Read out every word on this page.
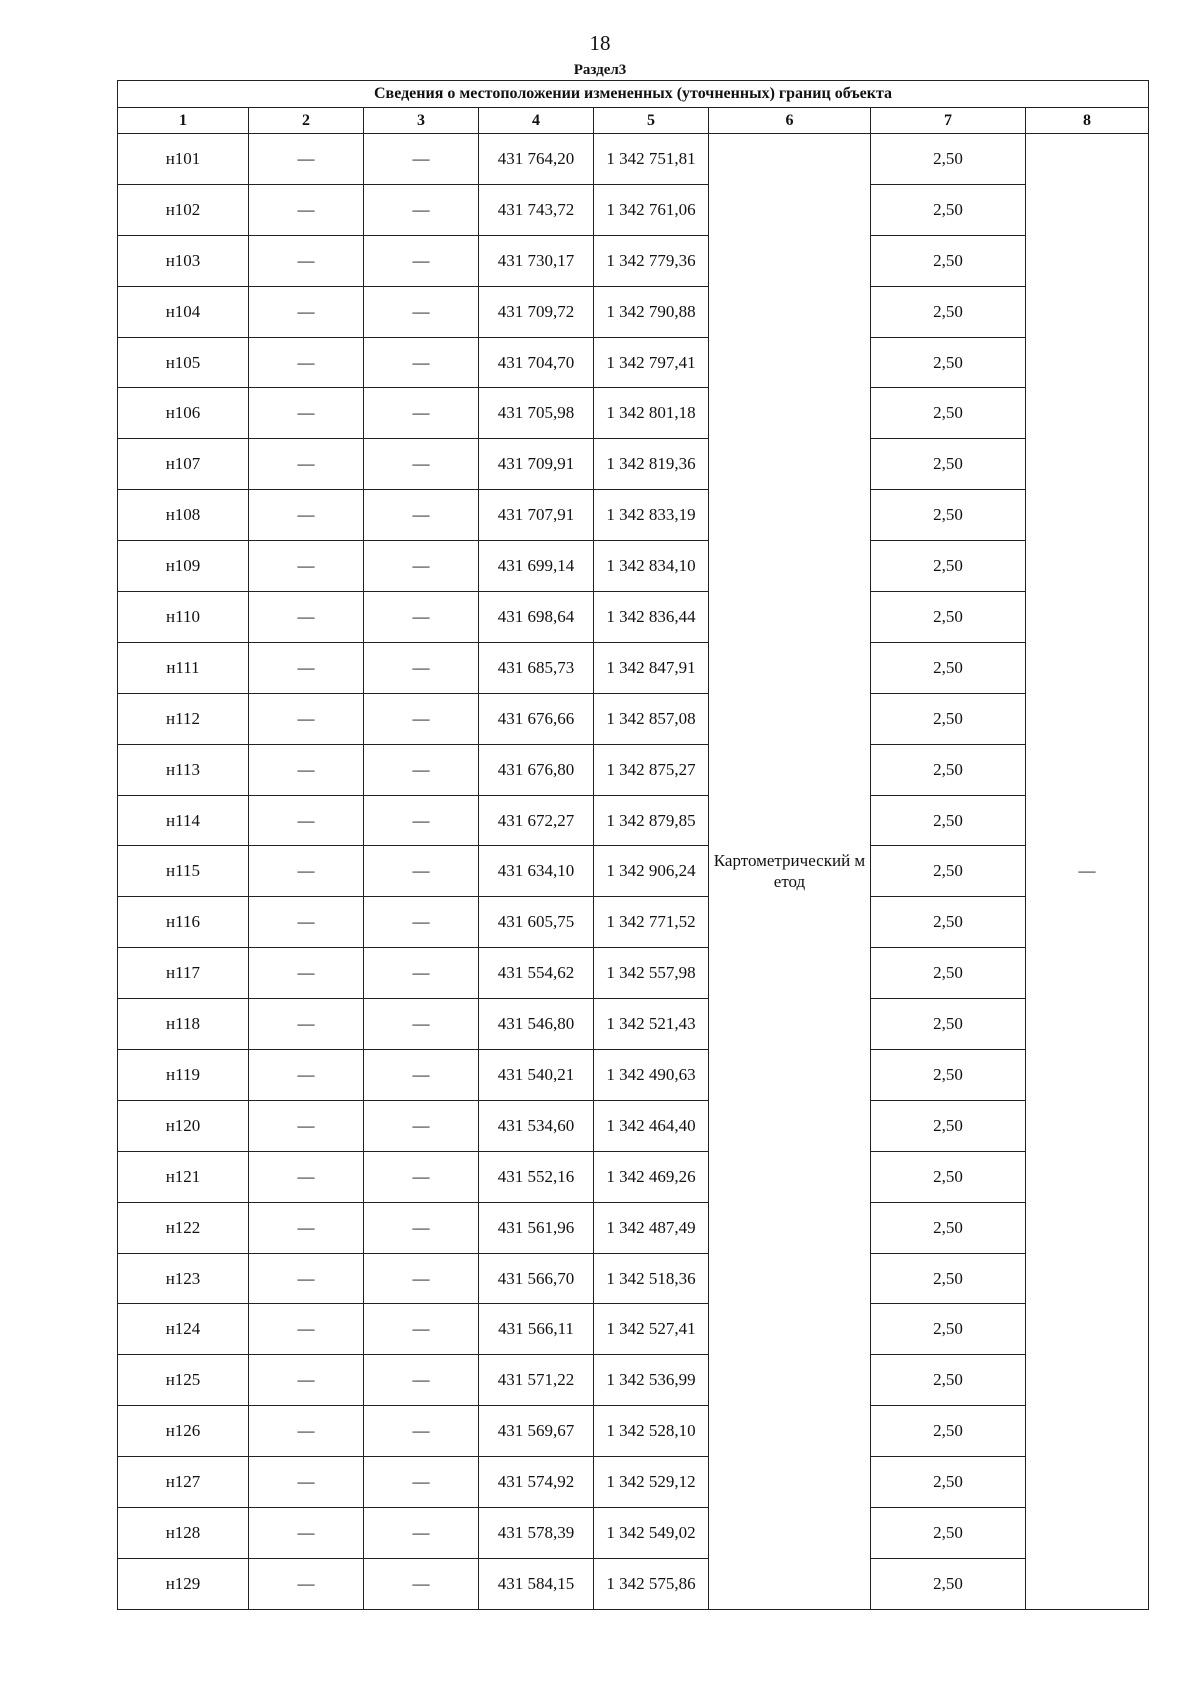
18
Раздел3
Сведения о местоположении измененных (уточненных) границ объекта							
1	2	3	4	5	6	7	8
н101	—	—	431 764,20	1 342 751,81	Картометрический метод	2,50	—
н102	—	—	431 743,72	1 342 761,06		2,50	
н103	—	—	431 730,17	1 342 779,36		2,50	
н104	—	—	431 709,72	1 342 790,88		2,50	
н105	—	—	431 704,70	1 342 797,41		2,50	
н106	—	—	431 705,98	1 342 801,18		2,50	
н107	—	—	431 709,91	1 342 819,36		2,50	
н108	—	—	431 707,91	1 342 833,19		2,50	
н109	—	—	431 699,14	1 342 834,10		2,50	
н110	—	—	431 698,64	1 342 836,44		2,50	
н111	—	—	431 685,73	1 342 847,91		2,50	
н112	—	—	431 676,66	1 342 857,08		2,50	
н113	—	—	431 676,80	1 342 875,27		2,50	
н114	—	—	431 672,27	1 342 879,85		2,50	
н115	—	—	431 634,10	1 342 906,24		2,50	
н116	—	—	431 605,75	1 342 771,52		2,50	
н117	—	—	431 554,62	1 342 557,98		2,50	
н118	—	—	431 546,80	1 342 521,43		2,50	
н119	—	—	431 540,21	1 342 490,63		2,50	
н120	—	—	431 534,60	1 342 464,40		2,50	
н121	—	—	431 552,16	1 342 469,26		2,50	
н122	—	—	431 561,96	1 342 487,49		2,50	
н123	—	—	431 566,70	1 342 518,36		2,50	
н124	—	—	431 566,11	1 342 527,41		2,50	
н125	—	—	431 571,22	1 342 536,99		2,50	
н126	—	—	431 569,67	1 342 528,10		2,50	
н127	—	—	431 574,92	1 342 529,12		2,50	
н128	—	—	431 578,39	1 342 549,02		2,50	
н129	—	—	431 584,15	1 342 575,86		2,50	
